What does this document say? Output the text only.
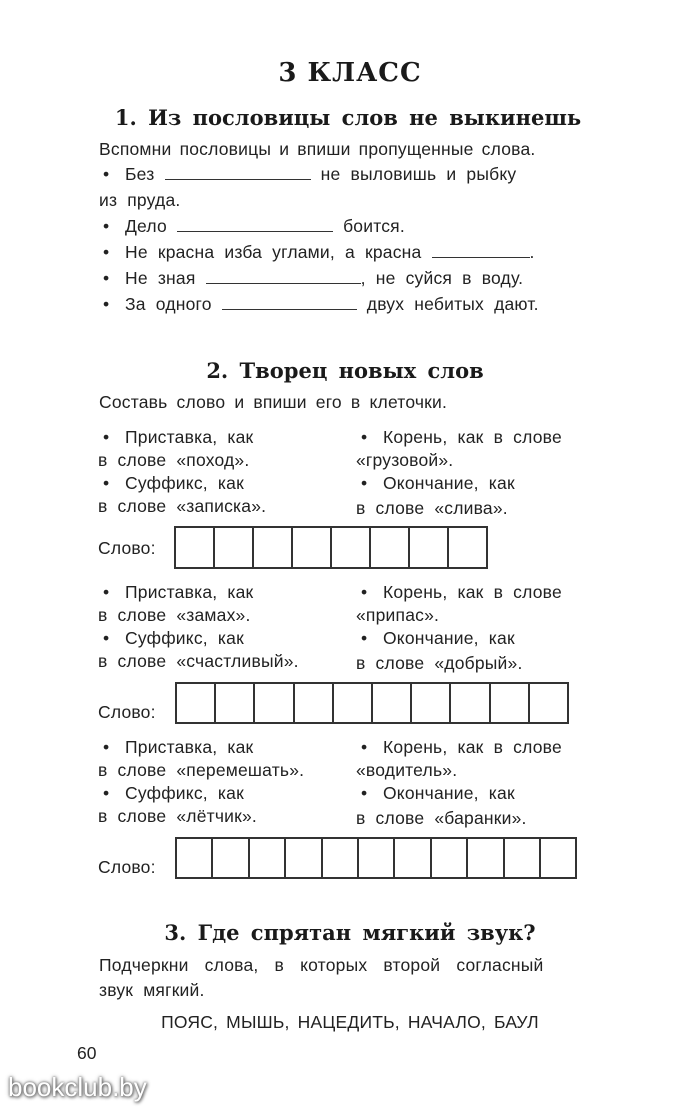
3 КЛАСС
1. Из пословицы слов не выкинешь
Вспомни пословицы и впиши пропущенные слова.
• Без	не выловишь и рыбку
из пруда.
• Дело	боится.
• Не красна изба углами, а красна	.
• Не зная	, не суйся в воду.
• За одного	двух небитых дают.
2. Творец новых слов
Составь слово и впиши его в клеточки.
• Приставка, как
в слове «поход».
• Корень, как в слове
«грузовой».
• Суффикс, как
в слове «записка».
• Окончание, как
в слове «слива».
Слово:
• Приставка, как
в слове «замах».
• Корень, как в слове
«припас».
• Суффикс, как
в слове «счастливый».
• Окончание, как
в слове «добрый».
Слово:
• Приставка, как
в слове «перемешать».
• Корень, как в слове
«водитель».
• Суффикс, как
в слове «лётчик».
• Окончание, как
в слове «баранки».
Слово:
3. Где спрятан мягкий звук?
Подчеркни слова, в которых второй согласный
звук мягкий.
ПОЯС, МЫШЬ, НАЦЕДИТЬ, НАЧАЛО, БАУЛ
60
bookclub.by
